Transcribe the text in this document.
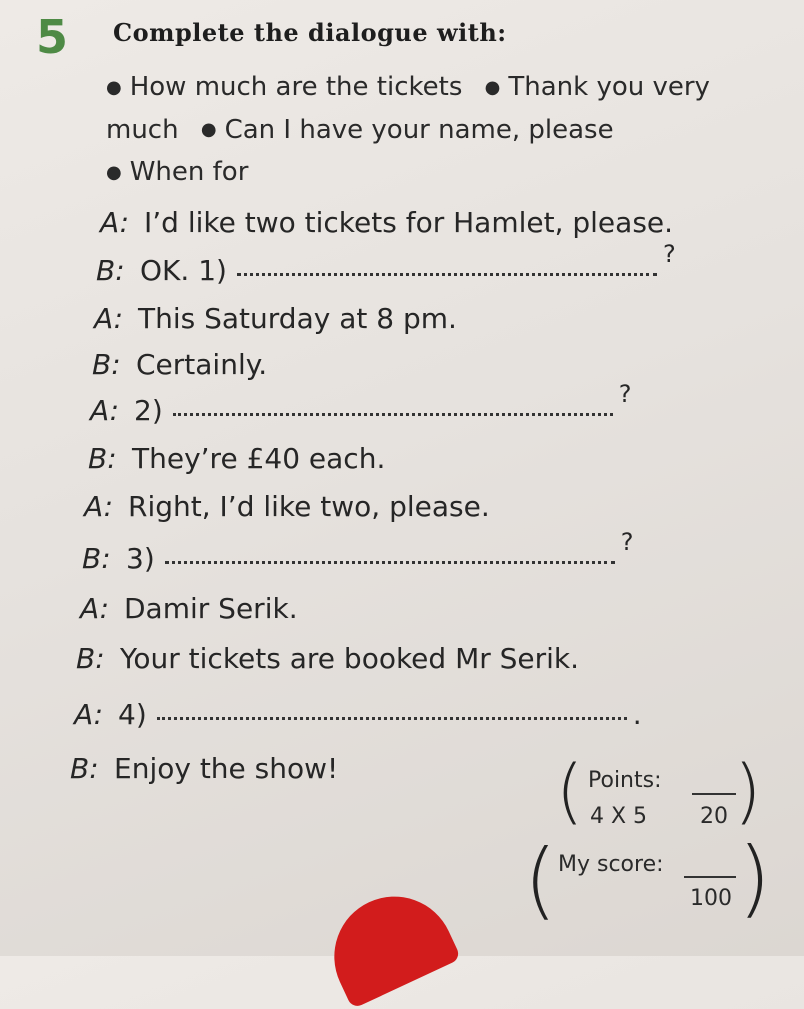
5 Complete the dialogue with:
● How much are the tickets ● Thank you very much ● Can I have your name, please
● When for
A: I’d like two tickets for Hamlet, please.
B: OK. 1)	?
A: This Saturday at 8 pm.
B: Certainly.
A: 2)	?
B: They’re £40 each.
A: Right, I’d like two, please.
B: 3)	?
A: Damir Serik.
B: Your tickets are booked Mr Serik.
A: 4)	.
B: Enjoy the show!	( Points:
4 X 5 20 )
( My score:
100 )
